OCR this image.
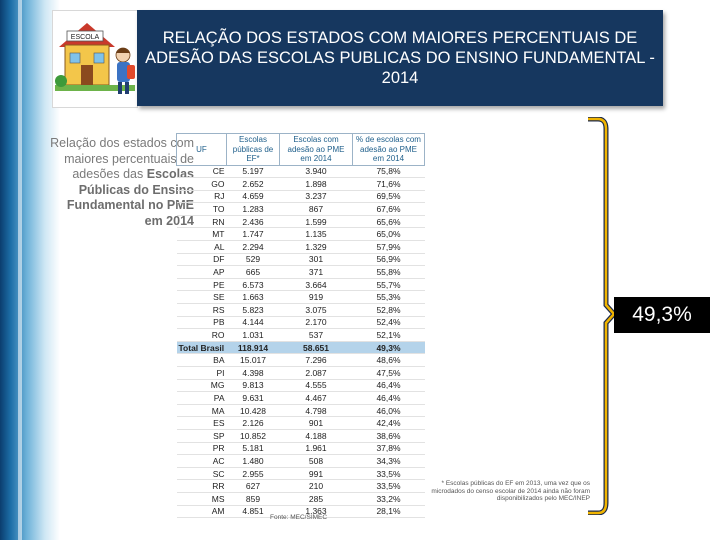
ESCOLA	RELAÇÃO DOS ESTADOS COM MAIORES PERCENTUAIS DE ADESÃO DAS ESCOLAS PUBLICAS DO ENSINO FUNDAMENTAL - 2014
Relação dos estados com maiores percentuais de adesões das Escolas Públicas do Ensino Fundamental no PME em 2014
UF	Escolas públicas de EF*	Escolas com adesão ao PME em 2014	% de escolas com adesão ao PME em 2014
CE	5.197	3.940	75,8%
GO	2.652	1.898	71,6%
RJ	4.659	3.237	69,5%
TO	1.283	867	67,6%
RN	2.436	1.599	65,6%
MT	1.747	1.135	65,0%
AL	2.294	1.329	57,9%
DF	529	301	56,9%
AP	665	371	55,8%
PE	6.573	3.664	55,7%
SE	1.663	919	55,3%
RS	5.823	3.075	52,8%
PB	4.144	2.170	52,4%
RO	1.031	537	52,1%
Total Brasil	118.914	58.651	49,3%
BA	15.017	7.296	48,6%
PI	4.398	2.087	47,5%
MG	9.813	4.555	46,4%
PA	9.631	4.467	46,4%
MA	10.428	4.798	46,0%
ES	2.126	901	42,4%
SP	10.852	4.188	38,6%
PR	5.181	1.961	37,8%
AC	1.480	508	34,3%
SC	2.955	991	33,5%
RR	627	210	33,5%
MS	859	285	33,2%
AM	4.851	1.363	28,1%
* Escolas públicas do EF em 2013, uma vez que os microdados do censo escolar de 2014 ainda não foram disponibilizados pelo MEC/INEP
Fonte: MEC/SIMEC
49,3%
